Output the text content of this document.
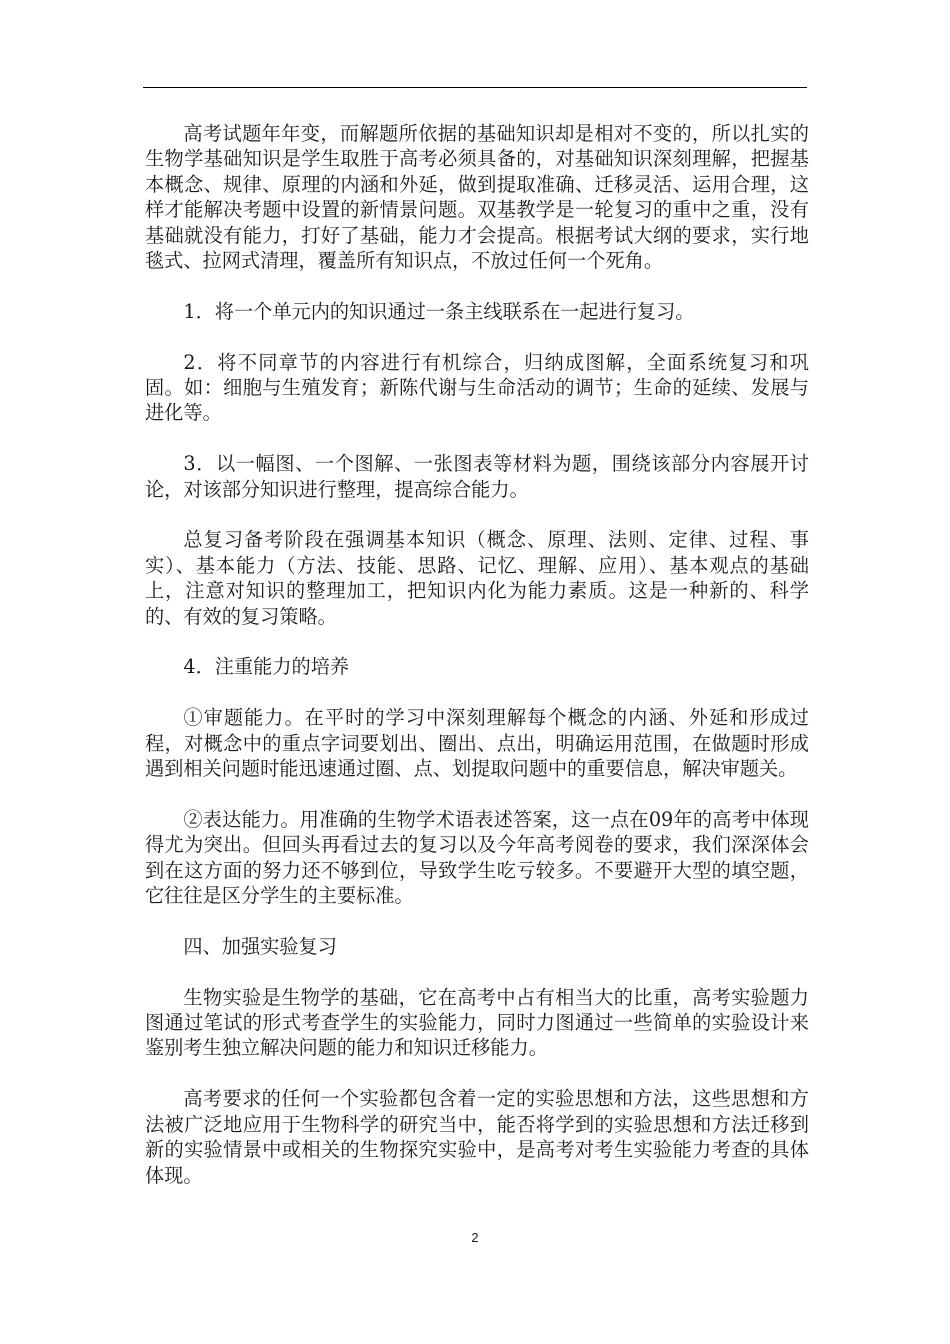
高考试题年年变，而解题所依据的基础知识却是相对不变的，所以扎实的生物学基础知识是学生取胜于高考必须具备的，对基础知识深刻理解，把握基本概念、规律、原理的内涵和外延，做到提取准确、迁移灵活、运用合理，这样才能解决考题中设置的新情景问题。双基教学是一轮复习的重中之重，没有基础就没有能力，打好了基础，能力才会提高。根据考试大纲的要求，实行地毯式、拉网式清理，覆盖所有知识点，不放过任何一个死角。

1．将一个单元内的知识通过一条主线联系在一起进行复习。

2．将不同章节的内容进行有机综合，归纳成图解，全面系统复习和巩固。如：细胞与生殖发育；新陈代谢与生命活动的调节；生命的延续、发展与进化等。

3．以一幅图、一个图解、一张图表等材料为题，围绕该部分内容展开讨论，对该部分知识进行整理，提高综合能力。

总复习备考阶段在强调基本知识（概念、原理、法则、定律、过程、事实）、基本能力（方法、技能、思路、记忆、理解、应用）、基本观点的基础上，注意对知识的整理加工，把知识内化为能力素质。这是一种新的、科学的、有效的复习策略。

4．注重能力的培养

①审题能力。在平时的学习中深刻理解每个概念的内涵、外延和形成过程，对概念中的重点字词要划出、圈出、点出，明确运用范围，在做题时形成遇到相关问题时能迅速通过圈、点、划提取问题中的重要信息，解决审题关。

②表达能力。用准确的生物学术语表述答案，这一点在09年的高考中体现得尤为突出。但回头再看过去的复习以及今年高考阅卷的要求，我们深深体会到在这方面的努力还不够到位，导致学生吃亏较多。不要避开大型的填空题，它往往是区分学生的主要标准。

四、加强实验复习

生物实验是生物学的基础，它在高考中占有相当大的比重，高考实验题力图通过笔试的形式考查学生的实验能力，同时力图通过一些简单的实验设计来鉴别考生独立解决问题的能力和知识迁移能力。

高考要求的任何一个实验都包含着一定的实验思想和方法，这些思想和方法被广泛地应用于生物科学的研究当中，能否将学到的实验思想和方法迁移到新的实验情景中或相关的生物探究实验中，是高考对考生实验能力考查的具体体现。

2
